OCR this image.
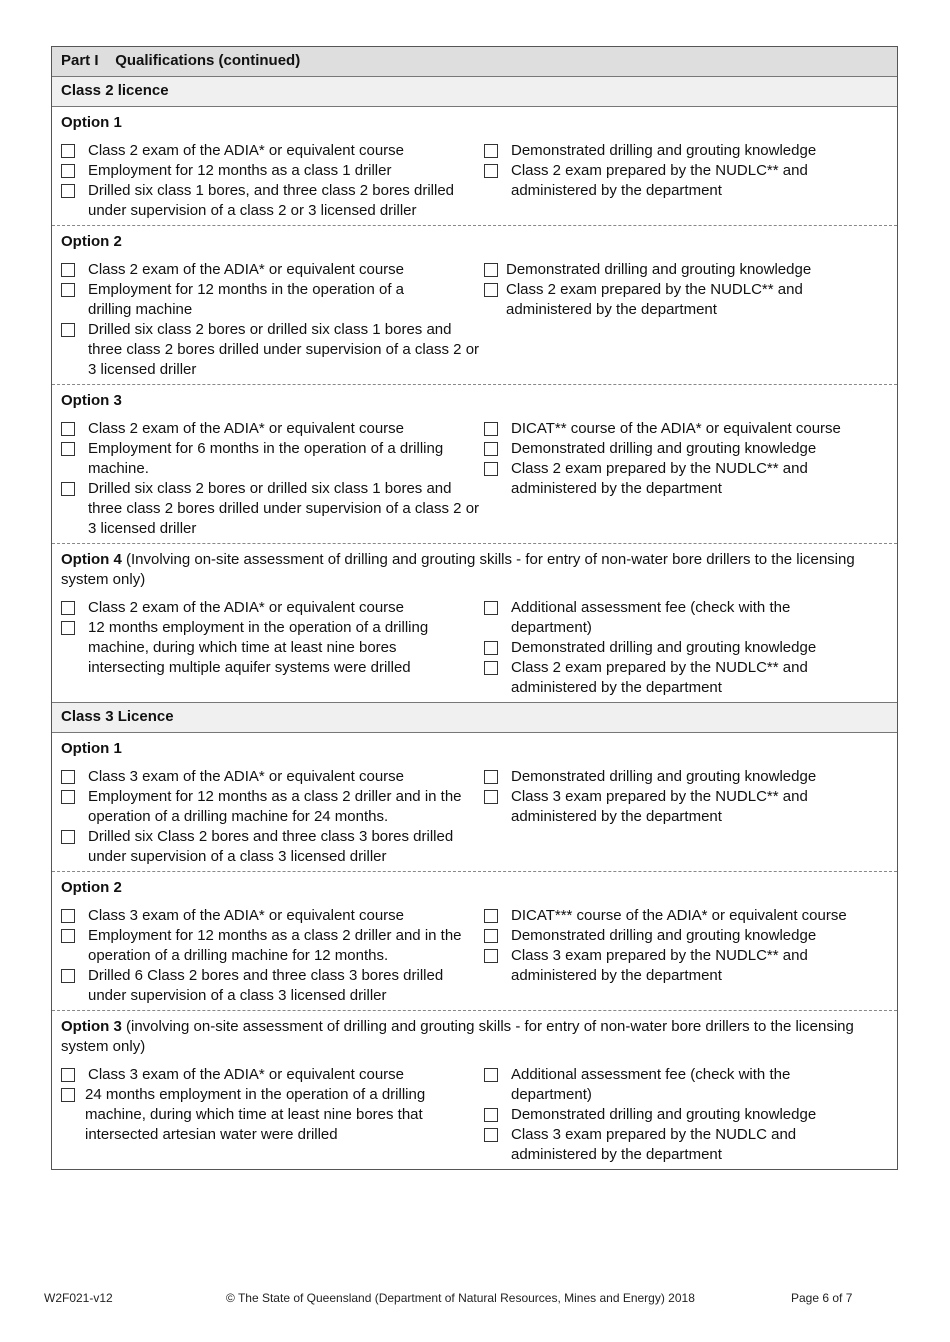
Part I Qualifications (continued)
Class 2 licence
Option 1
Class 2 exam of the ADIA* or equivalent course
Employment for 12 months as a class 1 driller
Drilled six class 1 bores, and three class 2 bores drilled under supervision of a class 2 or 3 licensed driller
Demonstrated drilling and grouting knowledge
Class 2 exam prepared by the NUDLC** and administered by the department
Option 2
Class 2 exam of the ADIA* or equivalent course
Employment for 12 months in the operation of a drilling machine
Drilled six class 2 bores or drilled six class 1 bores and three class 2 bores drilled under supervision of a class 2 or 3 licensed driller
Demonstrated drilling and grouting knowledge
Class 2 exam prepared by the NUDLC** and administered by the department
Option 3
Class 2 exam of the ADIA* or equivalent course
Employment for 6 months in the operation of a drilling machine.
Drilled six class 2 bores or drilled six class 1 bores and three class 2 bores drilled under supervision of a class 2 or 3 licensed driller
DICAT** course of the ADIA* or equivalent course
Demonstrated drilling and grouting knowledge
Class 2 exam prepared by the NUDLC** and administered by the department
Option 4 (Involving on-site assessment of drilling and grouting skills - for entry of non-water bore drillers to the licensing system only)
Class 2 exam of the ADIA* or equivalent course
12 months employment in the operation of a drilling machine, during which time at least nine bores intersecting multiple aquifer systems were drilled
Additional assessment fee (check with the department)
Demonstrated drilling and grouting knowledge
Class 2 exam prepared by the NUDLC** and administered by the department
Class 3 Licence
Option 1
Class 3 exam of the ADIA* or equivalent course
Employment for 12 months as a class 2 driller and in the operation of a drilling machine for 24 months.
Drilled six Class 2 bores and three class 3 bores drilled under supervision of a class 3 licensed driller
Demonstrated drilling and grouting knowledge
Class 3 exam prepared by the NUDLC** and administered by the department
Option 2
Class 3 exam of the ADIA* or equivalent course
Employment for 12 months as a class 2 driller and in the operation of a drilling machine for 12 months.
Drilled 6 Class 2 bores and three class 3 bores drilled under supervision of a class 3 licensed driller
DICAT*** course of the ADIA* or equivalent course
Demonstrated drilling and grouting knowledge
Class 3 exam prepared by the NUDLC** and administered by the department
Option 3 (involving on-site assessment of drilling and grouting skills - for entry of non-water bore drillers to the licensing system only)
Class 3 exam of the ADIA* or equivalent course
24 months employment in the operation of a drilling machine, during which time at least nine bores that intersected artesian water were drilled
Additional assessment fee (check with the department)
Demonstrated drilling and grouting knowledge
Class 3 exam prepared by the NUDLC and administered by the department
W2F021-v12	© The State of Queensland (Department of Natural Resources, Mines and Energy) 2018	Page 6 of 7
